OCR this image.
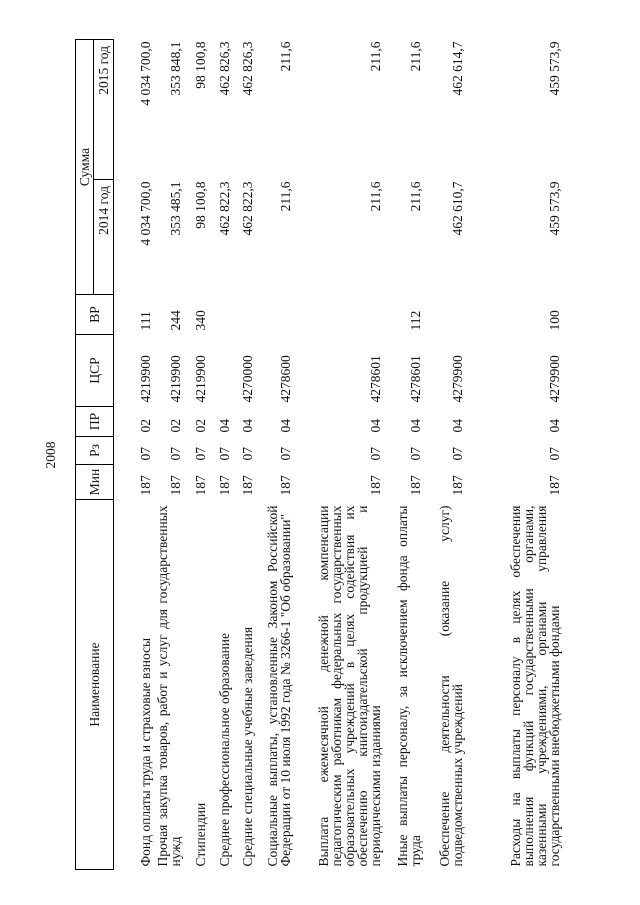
2008
Наименование	Мин	Рз	ПР	ЦСР	ВР	Сумма	
						2014 год	2015 год
Фонд оплаты труда и страховые взносы	187	07	02	4219900	111	4 034 700,0	4 034 700,0
Прочая закупка товаров, работ и услуг для государственных нужд	187	07	02	4219900	244	353 485,1	353 848,1
Стипендии	187	07	02	4219900	340	98 100,8	98 100,8
Среднее профессиональное образование	187	07	04			462 822,3	462 826,3
Средние специальные учебные заведения	187	07	04	4270000		462 822,3	462 826,3
Социальные выплаты, установленные Законом Российской Федерации от 10 июля 1992 года № 3266-1 "Об образовании"	187	07	04	4278600		211,6	211,6
Выплата ежемесячной денежной компенсации педагогическим работникам федеральных государственных образовательных учреждений в целях содействия их обеспечению книгоиздательской продукцией и периодическими изданиями	187	07	04	4278601		211,6	211,6
Иные выплаты персоналу, за исключением фонда оплаты труда	187	07	04	4278601	112	211,6	211,6
Обеспечение деятельности (оказание услуг) подведомственных учреждений	187	07	04	4279900		462 610,7	462 614,7
Расходы на выплаты персоналу в целях обеспечения выполнения функций государственными органами, казенными учреждениями, органами управления государственными внебюджетными фондами	187	07	04	4279900	100	459 573,9	459 573,9
